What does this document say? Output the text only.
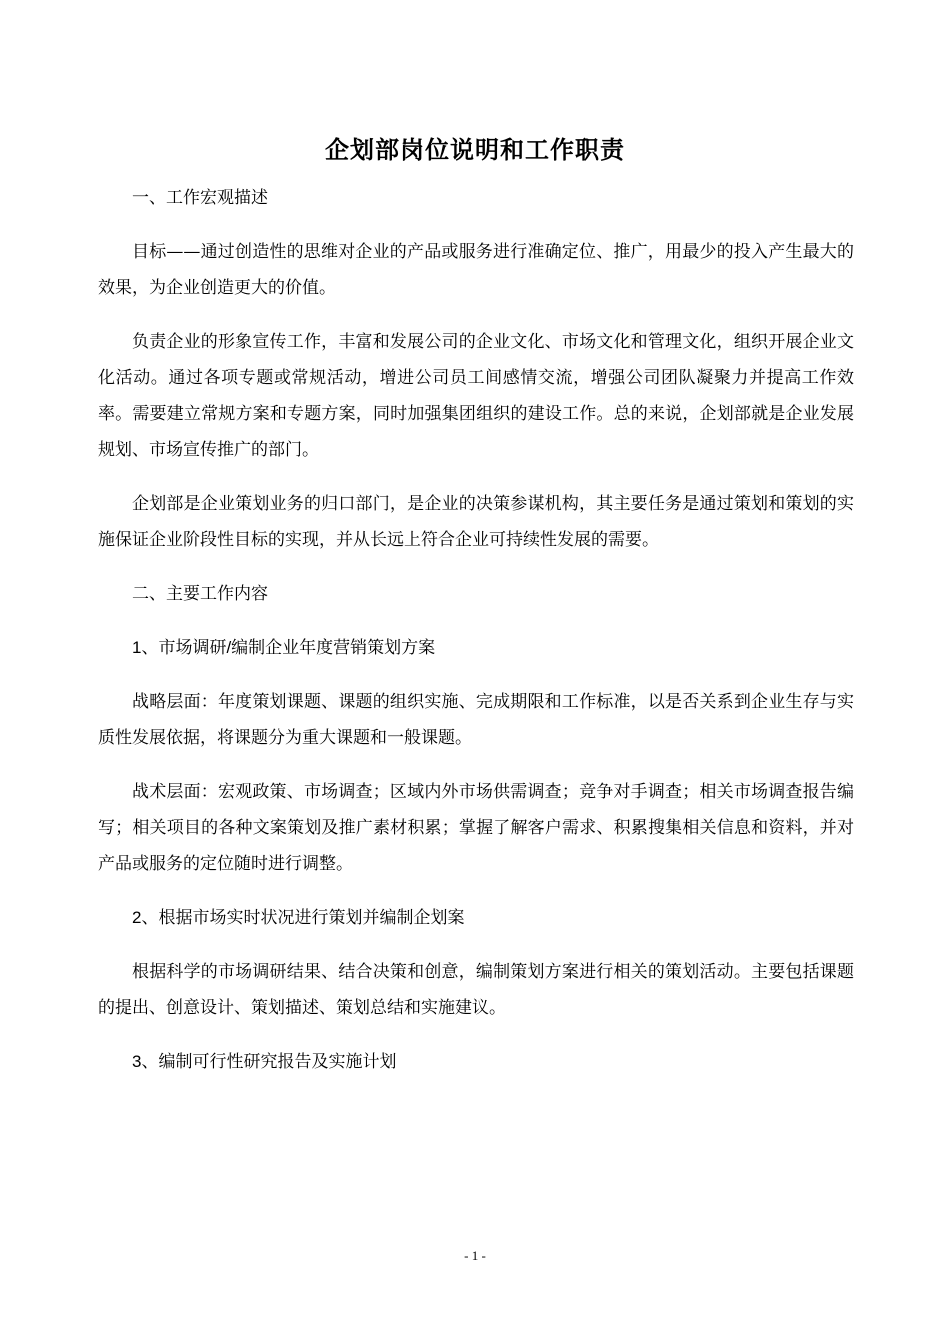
企划部岗位说明和工作职责
一、工作宏观描述
目标——通过创造性的思维对企业的产品或服务进行准确定位、推广，用最少的投入产生最大的效果，为企业创造更大的价值。
负责企业的形象宣传工作，丰富和发展公司的企业文化、市场文化和管理文化，组织开展企业文化活动。通过各项专题或常规活动，增进公司员工间感情交流，增强公司团队凝聚力并提高工作效率。需要建立常规方案和专题方案，同时加强集团组织的建设工作。总的来说，企划部就是企业发展规划、市场宣传推广的部门。
企划部是企业策划业务的归口部门，是企业的决策参谋机构，其主要任务是通过策划和策划的实施保证企业阶段性目标的实现，并从长远上符合企业可持续性发展的需要。
二、主要工作内容
1、市场调研/编制企业年度营销策划方案
战略层面：年度策划课题、课题的组织实施、完成期限和工作标准，以是否关系到企业生存与实质性发展依据，将课题分为重大课题和一般课题。
战术层面：宏观政策、市场调查；区域内外市场供需调查；竞争对手调查；相关市场调查报告编写；相关项目的各种文案策划及推广素材积累；掌握了解客户需求、积累搜集相关信息和资料，并对产品或服务的定位随时进行调整。
2、根据市场实时状况进行策划并编制企划案
根据科学的市场调研结果、结合决策和创意，编制策划方案进行相关的策划活动。主要包括课题的提出、创意设计、策划描述、策划总结和实施建议。
3、编制可行性研究报告及实施计划
- 1 -
